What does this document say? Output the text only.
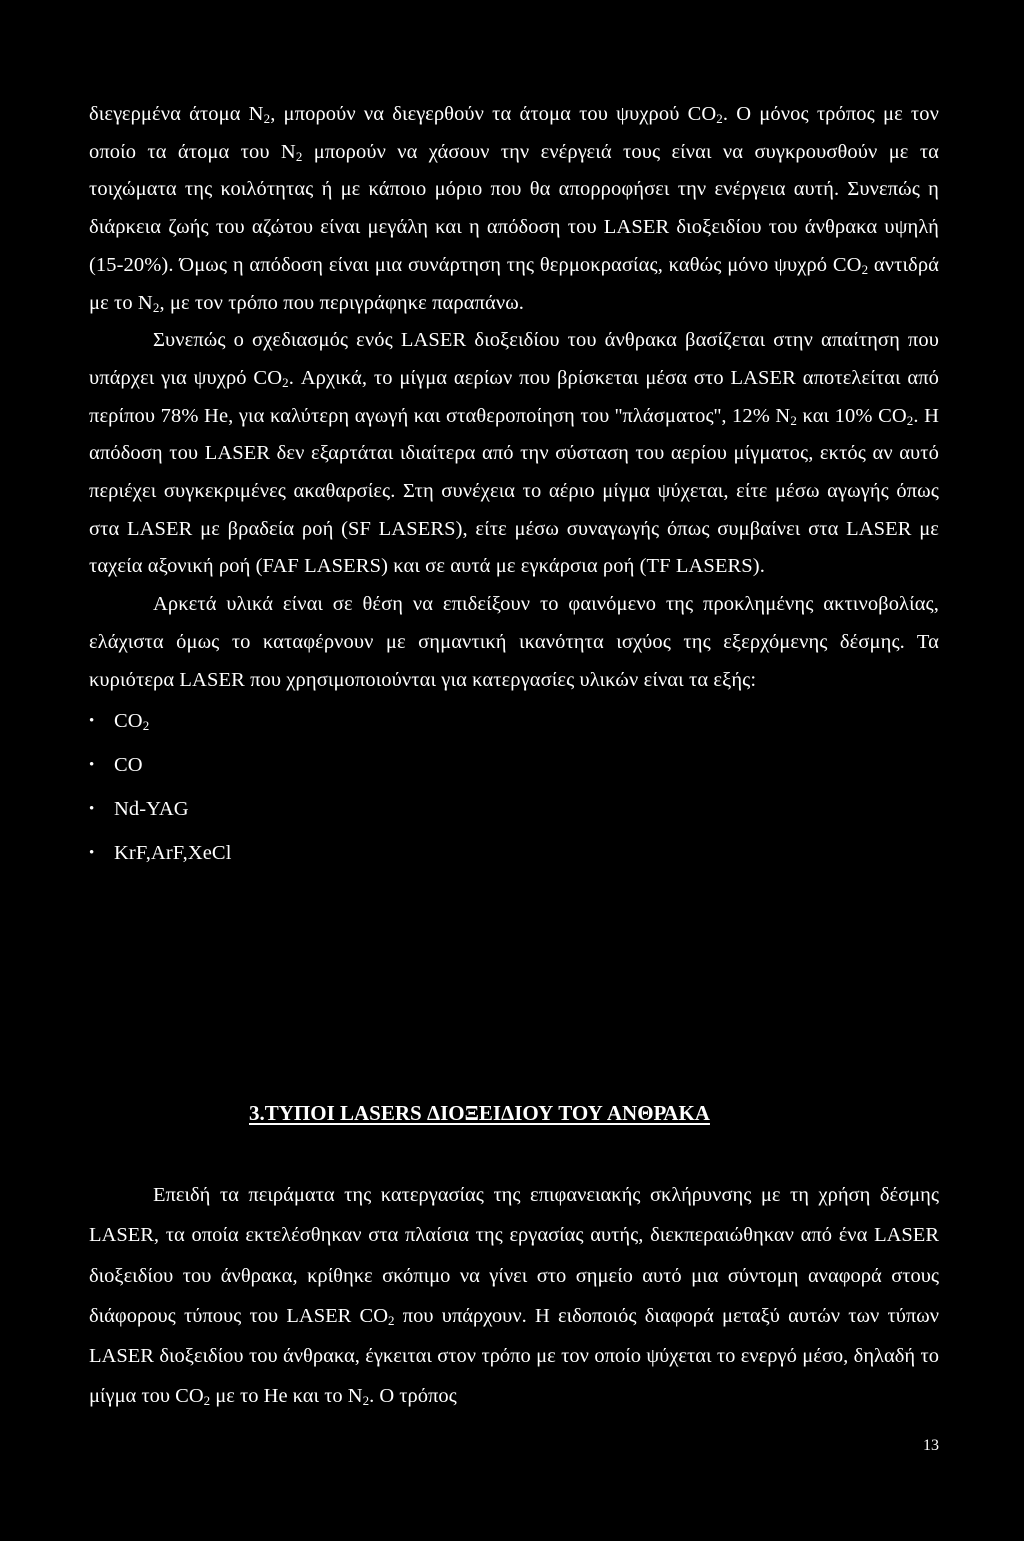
διεγερμένα άτομα $N_2$, μπορούν να διεγερθούν τα άτομα του ψυχρού $CO_2$. Ο μόνος τρόπος με τον οποίο τα άτομα του $N_2$ μπορούν να χάσουν την ενέργειά τους είναι να συγκρουσθούν με τα τοιχώματα της κοιλότητας ή με κάποιο μόριο που θα απορροφήσει την ενέργεια αυτή. Συνεπώς η διάρκεια ζωής του αζώτου είναι μεγάλη και η απόδοση του LASER διοξειδίου του άνθρακα υψηλή (15-20%). Όμως η απόδοση είναι μια συνάρτηση της θερμοκρασίας, καθώς μόνο ψυχρό $CO_2$ αντιδρά με το $N_2$, με τον τρόπο που περιγράφηκε παραπάνω.

Συνεπώς ο σχεδιασμός ενός LASER διοξειδίου του άνθρακα βασίζεται στην απαίτηση που υπάρχει για ψυχρό $CO_2$. Αρχικά, το μίγμα αερίων που βρίσκεται μέσα στο LASER αποτελείται από περίπου 78% He, για καλύτερη αγωγή και σταθεροποίηση του ''πλάσματος'', 12% $N_2$ και 10% $CO_2$. Η απόδοση του LASER δεν εξαρτάται ιδιαίτερα από την σύσταση του αερίου μίγματος, εκτός αν αυτό περιέχει συγκεκριμένες ακαθαρσίες. Στη συνέχεια το αέριο μίγμα ψύχεται, είτε μέσω αγωγής όπως στα LASER με βραδεία ροή (SF LASERS), είτε μέσω συναγωγής όπως συμβαίνει στα LASER με ταχεία αξονική ροή (FAF LASERS) και σε αυτά με εγκάρσια ροή (TF LASERS).

Αρκετά υλικά είναι σε θέση να επιδείξουν το φαινόμενο της προκλημένης ακτινοβολίας, ελάχιστα όμως το καταφέρνουν με σημαντική ικανότητα ισχύος της εξερχόμενης δέσμης. Τα κυριότερα LASER που χρησιμοποιούνται για κατεργασίες υλικών είναι τα εξής:

• $CO_2$
• CO
• Nd-YAG
• KrF,ArF,XeCl
3.ΤΥΠΟΙ LASERS ΔΙΟΞΕΙΔΙΟΥ ΤΟΥ ΑΝΘΡΑΚΑ

Επειδή τα πειράματα της κατεργασίας της επιφανειακής σκλήρυνσης με τη χρήση δέσμης LASER, τα οποία εκτελέσθηκαν στα πλαίσια της εργασίας αυτής, διεκπεραιώθηκαν από ένα LASER διοξειδίου του άνθρακα, κρίθηκε σκόπιμο να γίνει στο σημείο αυτό μια σύντομη αναφορά στους διάφορους τύπους του LASER $CO_2$ που υπάρχουν. Η ειδοποιός διαφορά μεταξύ αυτών των τύπων LASER διοξειδίου του άνθρακα, έγκειται στον τρόπο με τον οποίο ψύχεται το ενεργό μέσο, δηλαδή το μίγμα του $CO_2$ με το He και το $N_2$. Ο τρόπος

13
